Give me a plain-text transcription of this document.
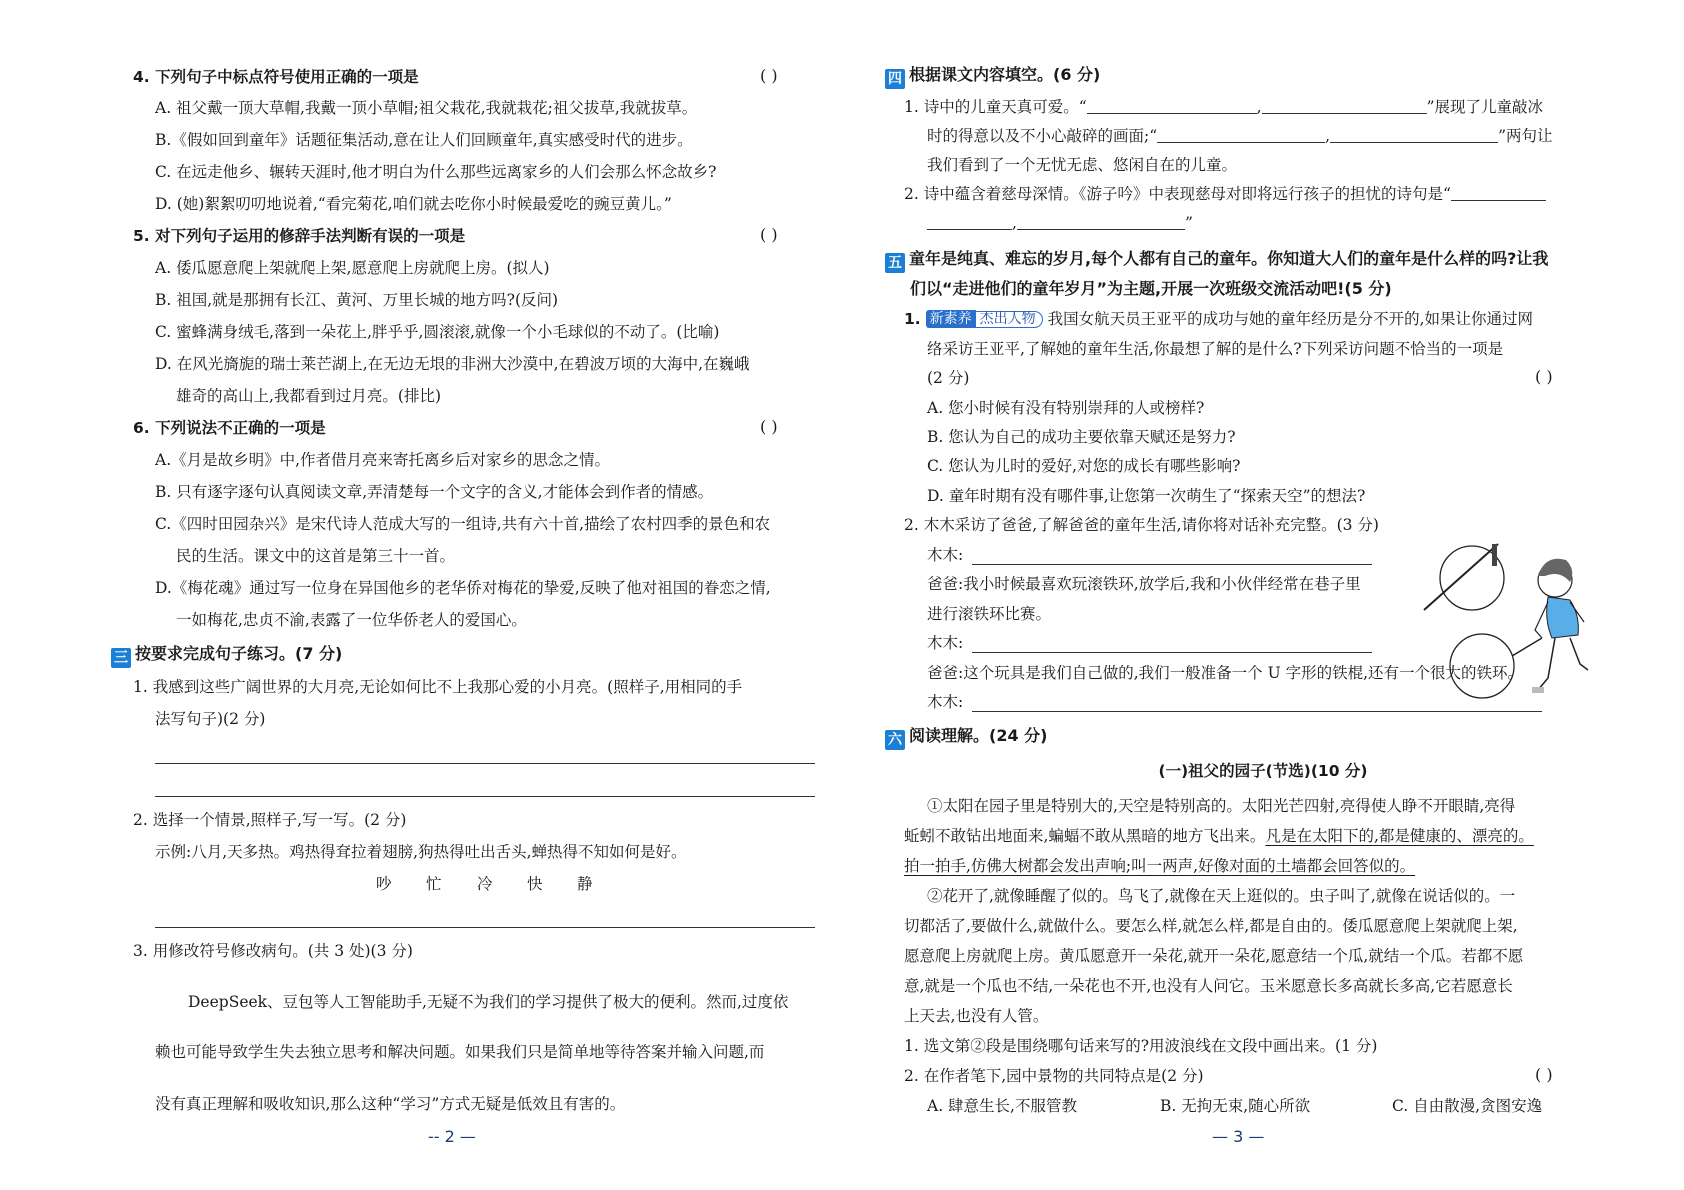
4. 下列句子中标点符号使用正确的一项是	( )
A. 祖父戴一顶大草帽,我戴一顶小草帽;祖父栽花,我就栽花;祖父拔草,我就拔草。
B.《假如回到童年》话题征集活动,意在让人们回顾童年,真实感受时代的进步。
C. 在远走他乡、辗转天涯时,他才明白为什么那些远离家乡的人们会那么怀念故乡?
D. (她)絮絮叨叨地说着,“看完菊花,咱们就去吃你小时候最爱吃的豌豆黄儿。”
5. 对下列句子运用的修辞手法判断有误的一项是	( )
A. 倭瓜愿意爬上架就爬上架,愿意爬上房就爬上房。(拟人)
B. 祖国,就是那拥有长江、黄河、万里长城的地方吗?(反问)
C. 蜜蜂满身绒毛,落到一朵花上,胖乎乎,圆滚滚,就像一个小毛球似的不动了。(比喻)
D. 在风光旖旎的瑞士莱芒湖上,在无边无垠的非洲大沙漠中,在碧波万顷的大海中,在巍峨
雄奇的高山上,我都看到过月亮。(排比)
6. 下列说法不正确的一项是	( )
A.《月是故乡明》中,作者借月亮来寄托离乡后对家乡的思念之情。
B. 只有逐字逐句认真阅读文章,弄清楚每一个文字的含义,才能体会到作者的情感。
C.《四时田园杂兴》是宋代诗人范成大写的一组诗,共有六十首,描绘了农村四季的景色和农
民的生活。课文中的这首是第三十一首。
D.《梅花魂》通过写一位身在异国他乡的老华侨对梅花的挚爱,反映了他对祖国的眷恋之情,
一如梅花,忠贞不渝,表露了一位华侨老人的爱国心。
三 按要求完成句子练习。(7 分)
1. 我感到这些广阔世界的大月亮,无论如何比不上我那心爱的小月亮。(照样子,用相同的手
法写句子)(2 分)
2. 选择一个情景,照样子,写一写。(2 分)
示例:八月,天多热。鸡热得耷拉着翅膀,狗热得吐出舌头,蝉热得不知如何是好。
吵 忙 冷 快 静
3. 用修改符号修改病句。(共 3 处)(3 分)
DeepSeek、豆包等人工智能助手,无疑不为我们的学习提供了极大的便利。然而,过度依
赖也可能导致学生失去独立思考和解决问题。如果我们只是简单地等待答案并输入问题,而
没有真正理解和吸收知识,那么这种“学习”方式无疑是低效且有害的。
-- 2 —
四 根据课文内容填空。(6 分)
1. 诗中的儿童天真可爱。“	,	”展现了儿童敲冰
时的得意以及不小心敲碎的画面;“	,	”两句让
我们看到了一个无忧无虑、悠闲自在的儿童。
2. 诗中蕴含着慈母深情。《游子吟》中表现慈母对即将远行孩子的担忧的诗句是“
,	”
五 童年是纯真、难忘的岁月,每个人都有自己的童年。你知道大人们的童年是什么样的吗?让我
们以“走进他们的童年岁月”为主题,开展一次班级交流活动吧!(5 分)
1. 新素养 杰出人物 我国女航天员王亚平的成功与她的童年经历是分不开的,如果让你通过网
络采访王亚平,了解她的童年生活,你最想了解的是什么?下列采访问题不恰当的一项是
(2 分)	( )
A. 您小时候有没有特别崇拜的人或榜样?
B. 您认为自己的成功主要依靠天赋还是努力?
C. 您认为儿时的爱好,对您的成长有哪些影响?
D. 童年时期有没有哪件事,让您第一次萌生了“探索天空”的想法?
2. 木木采访了爸爸,了解爸爸的童年生活,请你将对话补充完整。(3 分)
木木:
爸爸:我小时候最喜欢玩滚铁环,放学后,我和小伙伴经常在巷子里
进行滚铁环比赛。
木木:
爸爸:这个玩具是我们自己做的,我们一般准备一个 U 字形的铁棍,还有一个很大的铁环。
木木:
六 阅读理解。(24 分)
(一)祖父的园子(节选)(10 分)
①太阳在园子里是特别大的,天空是特别高的。太阳光芒四射,亮得使人睁不开眼睛,亮得
蚯蚓不敢钻出地面来,蝙蝠不敢从黑暗的地方飞出来。凡是在太阳下的,都是健康的、漂亮的。
拍一拍手,仿佛大树都会发出声响;叫一两声,好像对面的土墙都会回答似的。
②花开了,就像睡醒了似的。鸟飞了,就像在天上逛似的。虫子叫了,就像在说话似的。一
切都活了,要做什么,就做什么。要怎么样,就怎么样,都是自由的。倭瓜愿意爬上架就爬上架,
愿意爬上房就爬上房。黄瓜愿意开一朵花,就开一朵花,愿意结一个瓜,就结一个瓜。若都不愿
意,就是一个瓜也不结,一朵花也不开,也没有人问它。玉米愿意长多高就长多高,它若愿意长
上天去,也没有人管。
1. 选文第②段是围绕哪句话来写的?用波浪线在文段中画出来。(1 分)
2. 在作者笔下,园中景物的共同特点是(2 分)	( )
A. 肆意生长,不服管教	B. 无拘无束,随心所欲	C. 自由散漫,贪图安逸
— 3 —
